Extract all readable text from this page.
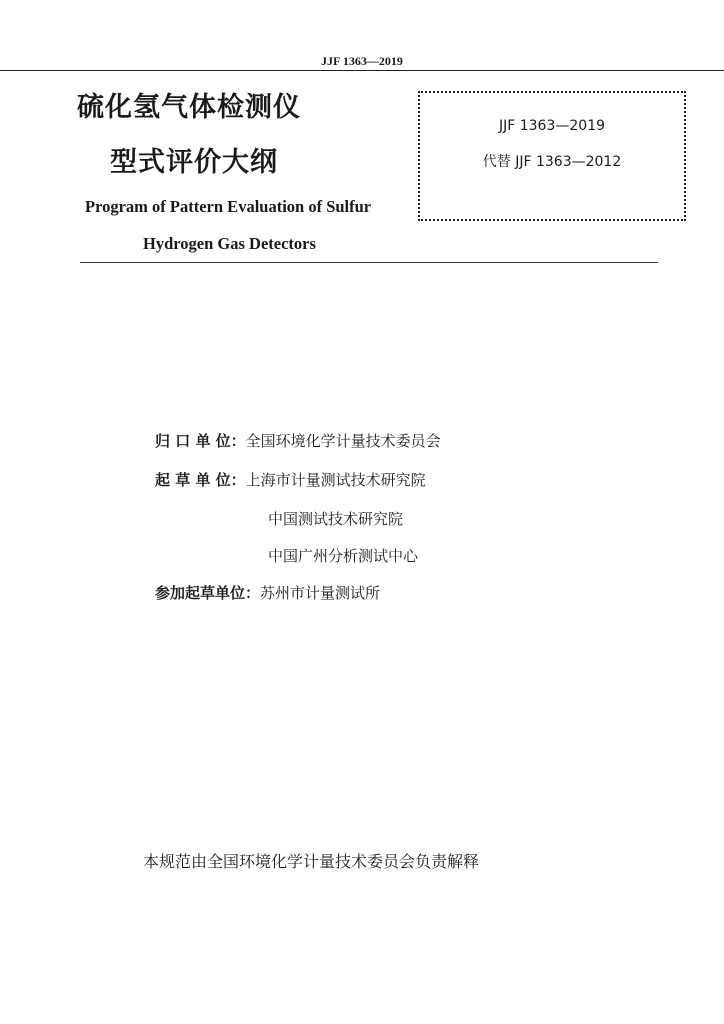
JJF 1363—2019
硫化氢气体检测仪
型式评价大纲
Program of Pattern Evaluation of Sulfur
Hydrogen Gas Detectors
JJF 1363—2019
代替 JJF 1363—2012
归 口 单 位：全国环境化学计量技术委员会
起 草 单 位：上海市计量测试技术研究院
中国测试技术研究院
中国广州分析测试中心
参加起草单位：苏州市计量测试所
本规范由全国环境化学计量技术委员会负责解释
